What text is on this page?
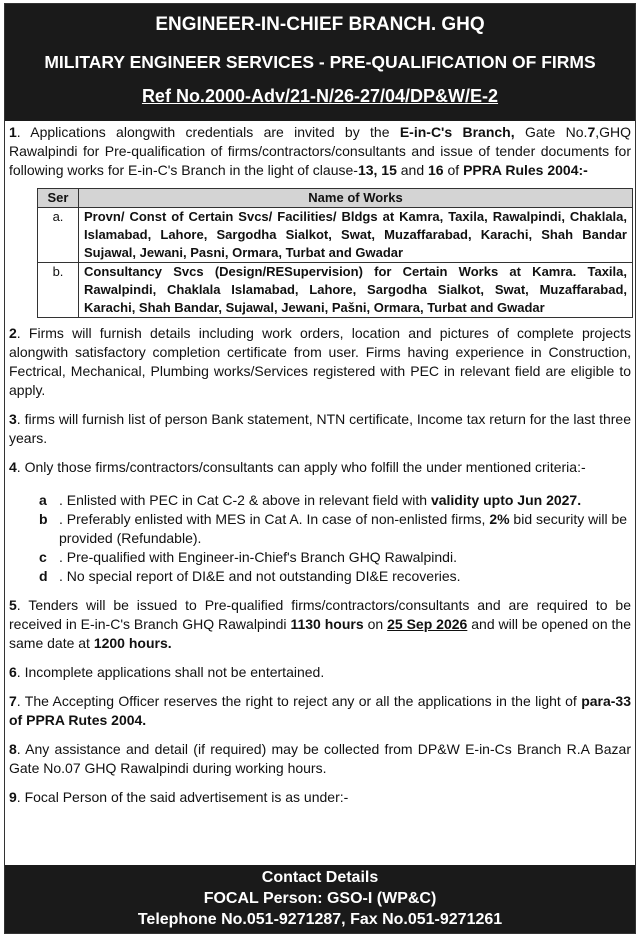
ENGINEER-IN-CHIEF BRANCH. GHQ
MILITARY ENGINEER SERVICES - PRE-QUALIFICATION OF FIRMS
Ref No.2000-Adv/21-N/26-27/04/DP&W/E-2

1. Applications alongwith credentials are invited by the E-in-C's Branch, Gate No.7,GHQ Rawalpindi for Pre-qualification of firms/contractors/consultants and issue of tender documents for following works for E-in-C's Branch in the light of clause-13, 15 and 16 of PPRA Rules 2004:-

Ser	Name of Works
a.	Provn/ Const of Certain Svcs/ Facilities/ Bldgs at Kamra, Taxila, Rawalpindi, Chaklala, Islamabad, Lahore, Sargodha Sialkot, Swat, Muzaffarabad, Karachi, Shah Bandar Sujawal, Jewani, Pasni, Ormara, Turbat and Gwadar
b.	Consultancy Svcs (Design/RESupervision) for Certain Works at Kamra. Taxila, Rawalpindi, Chaklala Islamabad, Lahore, Sargodha Sialkot, Swat, Muzaffarabad, Karachi, Shah Bandar, Sujawal, Jewani, Pašni, Ormara, Turbat and Gwadar

2. Firms will furnish details including work orders, location and pictures of complete projects alongwith satisfactory completion certificate from user. Firms having experience in Construction, Fectrical, Mechanical, Plumbing works/Services registered with PEC in relevant field are eligible to apply.

3. firms will furnish list of person Bank statement, NTN certificate, Income tax return for the last three years.

4. Only those firms/contractors/consultants can apply who folfill the under mentioned criteria:-

a . Enlisted with PEC in Cat C-2 & above in relevant field with validity upto Jun 2027.
b . Preferably enlisted with MES in Cat A. In case of non-enlisted firms, 2% bid security will be provided (Refundable).
c . Pre-qualified with Engineer-in-Chief's Branch GHQ Rawalpindi.
d . No special report of DI&E and not outstanding DI&E recoveries.

5. Tenders will be issued to Pre-qualified firms/contractors/consultants and are required to be received in E-in-C's Branch GHQ Rawalpindi 1130 hours on 25 Sep 2026 and will be opened on the same date at 1200 hours.

6. Incomplete applications shall not be entertained.

7. The Accepting Officer reserves the right to reject any or all the applications in the light of para-33 of PPRA Rutes 2004.

8. Any assistance and detail (if required) may be collected from DP&W E-in-Cs Branch R.A Bazar Gate No.07 GHQ Rawalpindi during working hours.

9. Focal Person of the said advertisement is as under:-

Contact Details
FOCAL Person: GSO-I (WP&C)
Telephone No.051-9271287, Fax No.051-9271261
